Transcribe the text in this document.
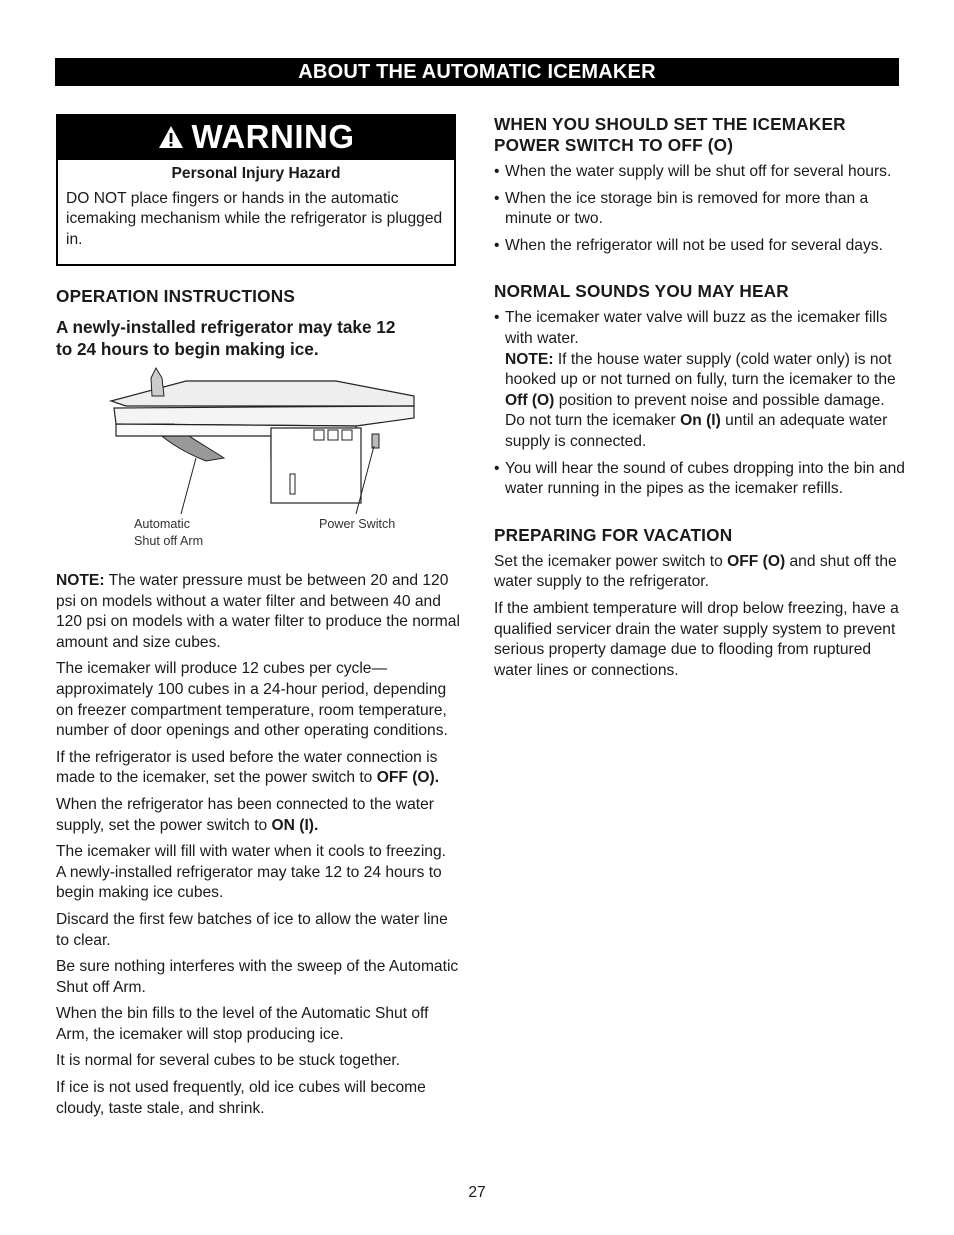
ABOUT THE AUTOMATIC ICEMAKER
WARNING
Personal Injury Hazard
DO NOT place fingers or hands in the automatic icemaking mechanism while the refrigerator is plugged in.
OPERATION INSTRUCTIONS
A newly-installed refrigerator may take 12 to 24 hours to begin making ice.
Automatic
Shut off Arm
Power Switch

NOTE: The water pressure must be between 20 and 120 psi on models without a water filter and between 40 and 120 psi on models with a water filter to produce the normal amount and size cubes.

The icemaker will produce 12 cubes per cycle— approximately 100 cubes in a 24-hour period, depending on freezer compartment temperature, room temperature, number of door openings and other operating conditions.

If the refrigerator is used before the water connection is made to the icemaker, set the power switch to OFF (O).

When the refrigerator has been connected to the water supply, set the power switch to ON (I).

The icemaker will fill with water when it cools to freezing.
A newly-installed refrigerator may take 12 to 24 hours to begin making ice cubes.

Discard the first few batches of ice to allow the water line to clear.

Be sure nothing interferes with the sweep of the Automatic Shut off Arm.

When the bin fills to the level of the Automatic Shut off Arm, the icemaker will stop producing ice.

It is normal for several cubes to be stuck together.

If ice is not used frequently, old ice cubes will become cloudy, taste stale, and shrink.

WHEN YOU SHOULD SET THE ICEMAKER POWER SWITCH TO OFF (O)
• When the water supply will be shut off for several hours.
• When the ice storage bin is removed for more than a minute or two.
• When the refrigerator will not be used for several days.
NORMAL SOUNDS YOU MAY HEAR
• The icemaker water valve will buzz as the icemaker fills with water.
NOTE: If the house water supply (cold water only) is not hooked up or not turned on fully, turn the icemaker to the Off (O) position to prevent noise and possible damage. Do not turn the icemaker On (I) until an adequate water supply is connected.
• You will hear the sound of cubes dropping into the bin and water running in the pipes as the icemaker refills.
PREPARING FOR VACATION

Set the icemaker power switch to OFF (O) and shut off the water supply to the refrigerator.

If the ambient temperature will drop below freezing, have a qualified servicer drain the water supply system to prevent serious property damage due to flooding from ruptured water lines or connections.

27
